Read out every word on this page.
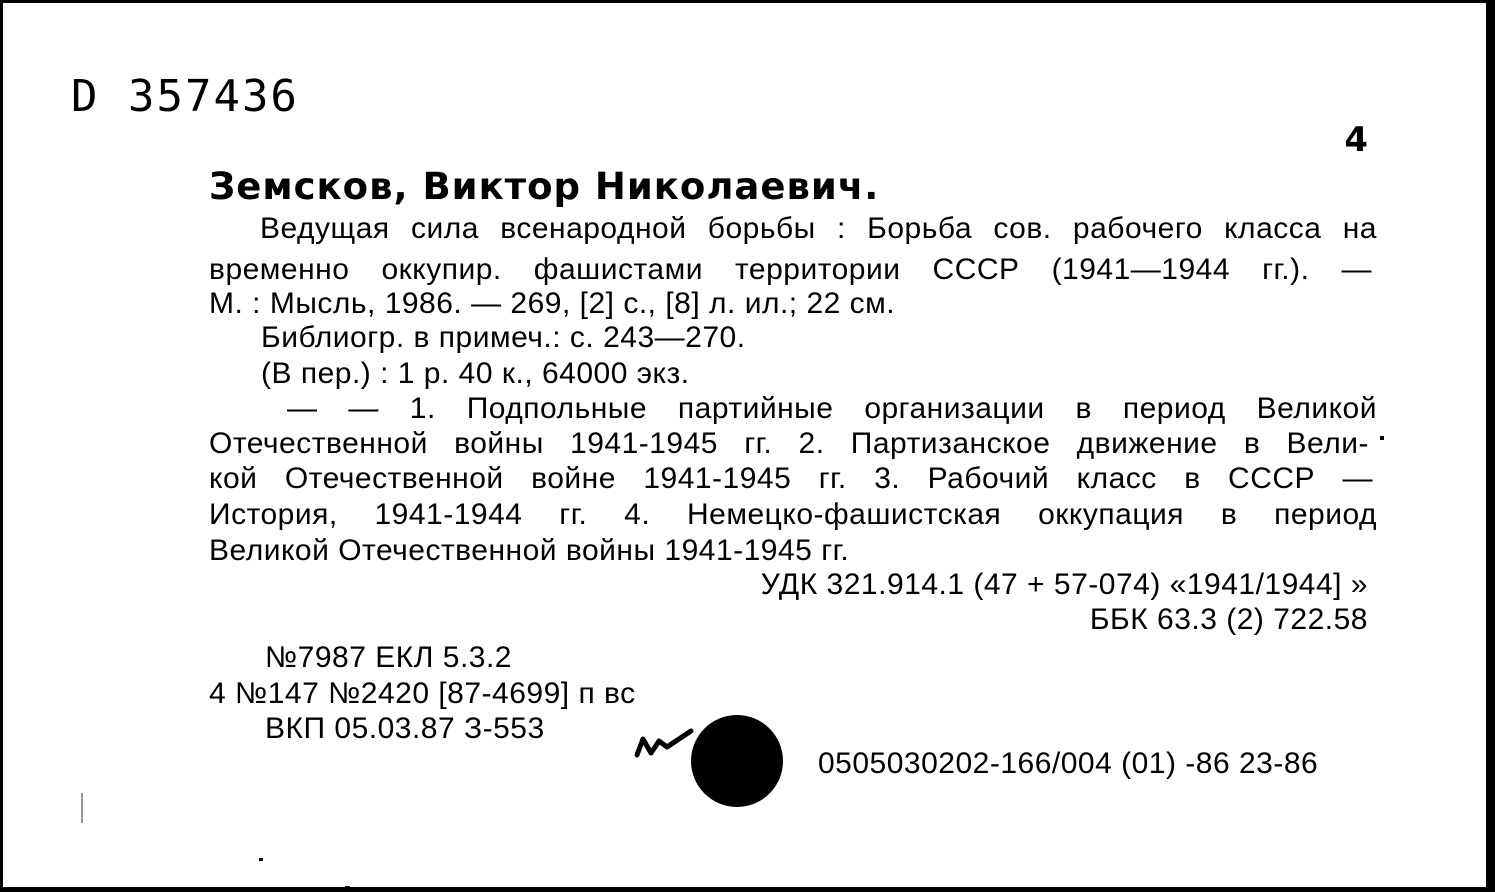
D 357436
4
Земсков, Виктор Николаевич.
Ведущая сила всенародной борьбы : Борьба сов. рабочего класса на
временно оккупир. фашистами территории СССР (1941—1944 гг.). —
М. : Мысль, 1986. — 269, [2] с., [8] л. ил.; 22 см.
Библиогр. в примеч.: с. 243—270.
(В пер.) : 1 р. 40 к., 64000 экз.
— — 1. Подпольные партийные организации в период Великой
Отечественной войны 1941-1945 гг. 2. Партизанское движение в Вели-
кой Отечественной войне 1941-1945 гг. 3. Рабочий класс в СССР —
История, 1941-1944 гг. 4. Немецко-фашистская оккупация в период
Великой Отечественной войны 1941-1945 гг.
УДК 321.914.1 (47 + 57-074) «1941/1944] »
ББК 63.3 (2) 722.58
№7987 ЕКЛ 5.3.2
4 №147 №2420 [87-4699] п вс
ВКП 05.03.87 З-553
0505030202-166/004 (01) -86 23-86
